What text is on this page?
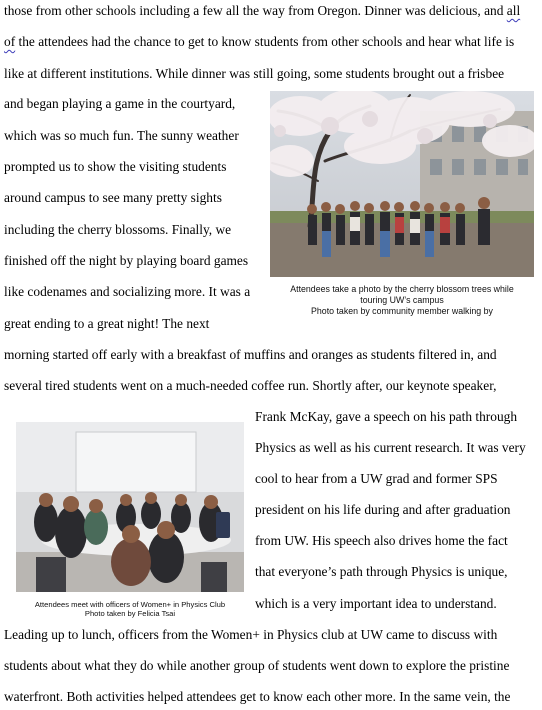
those from other schools including a few all the way from Oregon. Dinner was delicious, and all
of the attendees had the chance to get to know students from other schools and hear what life is
like at different institutions. While dinner was still going, some students brought out a frisbee
and began playing a game in the courtyard,
which was so much fun. The sunny weather
prompted us to show the visiting students
around campus to see many pretty sights
including the cherry blossoms. Finally, we
finished off the night by playing board games
like codenames and socializing more. It was a
great ending to a great night! The next
morning started off early with a breakfast of muffins and oranges as students filtered in, and
several tired students went on a much-needed coffee run. Shortly after, our keynote speaker,
Frank McKay, gave a speech on his path through
Physics as well as his current research. It was very
cool to hear from a UW grad and former SPS
president on his life during and after graduation
from UW. His speech also drives home the fact
that everyone’s path through Physics is unique,
which is a very important idea to understand.
Leading up to lunch, officers from the Women+ in Physics club at UW came to discuss with
students about what they do while another group of students went down to explore the pristine
waterfront. Both activities helped attendees get to know each other more. In the same vein, the
Attendees take a photo by the cherry blossom trees while
touring UW’s campus
Photo taken by community member walking by
Attendees meet with officers of Women+ in Physics Club
Photo taken by Felicia Tsai
